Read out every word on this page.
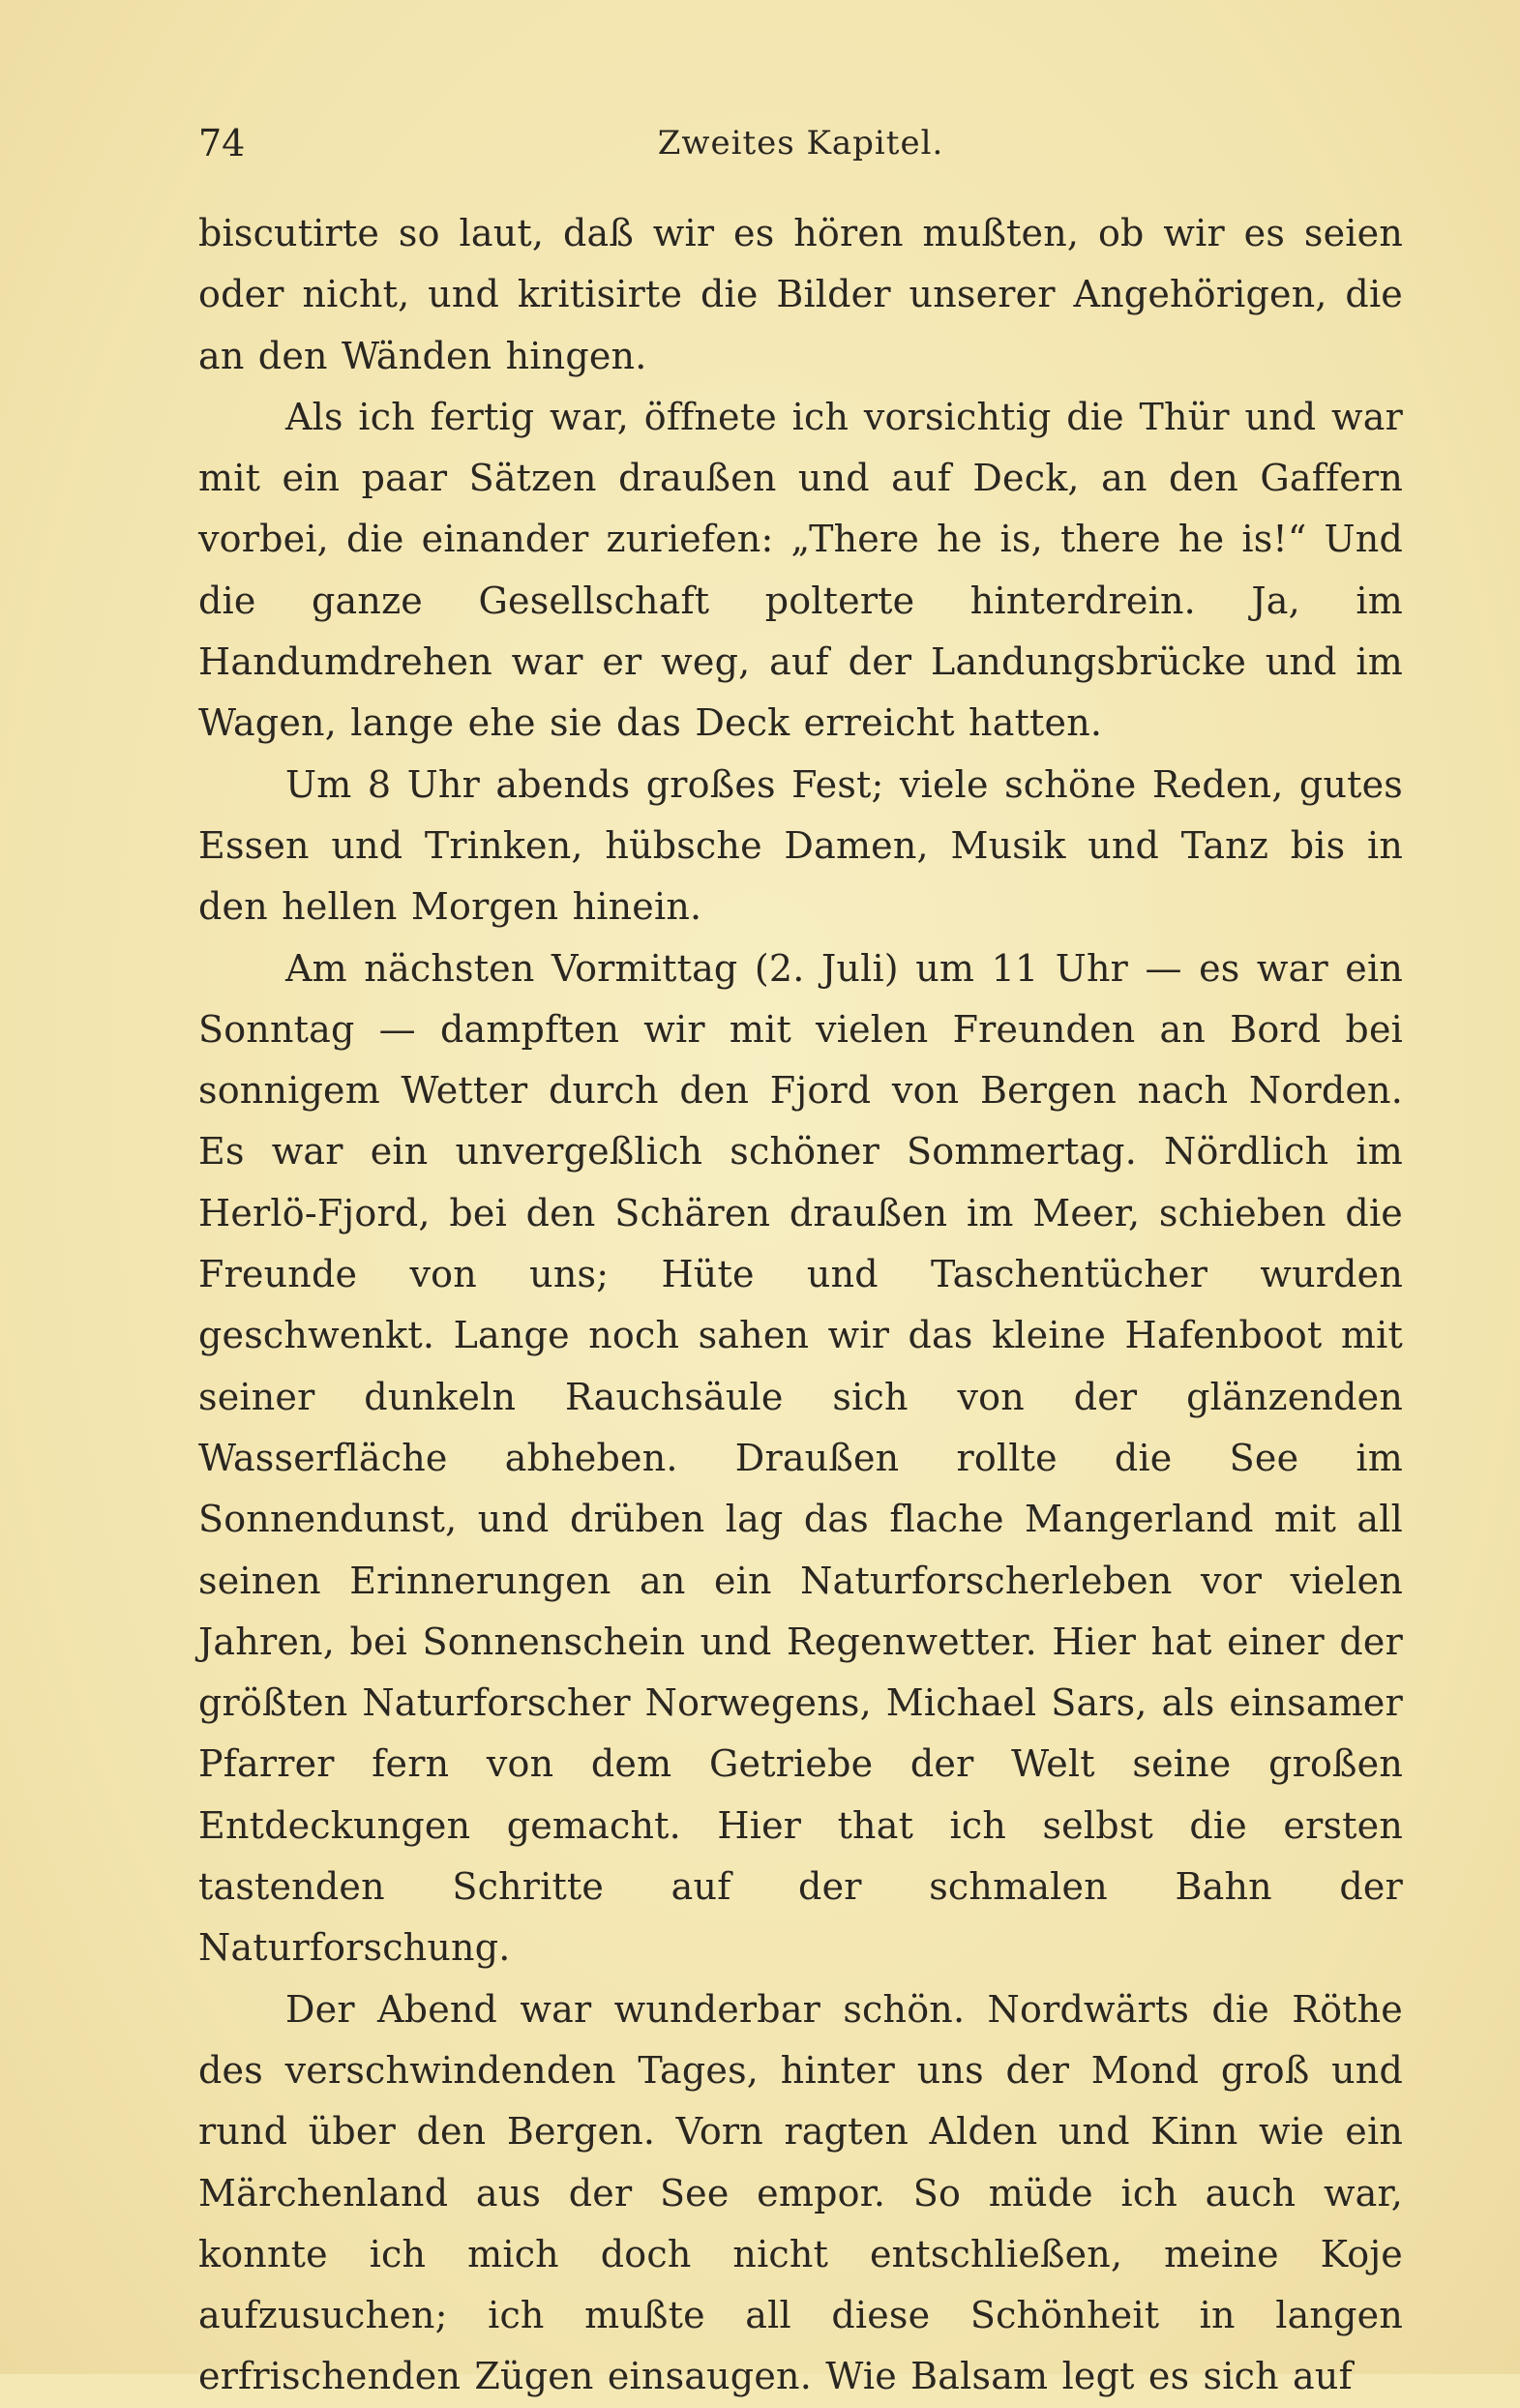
74	Zweites Kapitel.

biscutirte so laut, daß wir es hören mußten, ob wir es seien oder nicht, und kritisirte die Bilder unserer Angehörigen, die an den Wänden hingen.

Als ich fertig war, öffnete ich vorsichtig die Thür und war mit ein paar Sätzen draußen und auf Deck, an den Gaffern vorbei, die einander zuriefen: „There he is, there he is!“ Und die ganze Gesellschaft polterte hinterdrein. Ja, im Handumdrehen war er weg, auf der Landungsbrücke und im Wagen, lange ehe sie das Deck erreicht hatten.

Um 8 Uhr abends großes Fest; viele schöne Reden, gutes Essen und Trinken, hübsche Damen, Musik und Tanz bis in den hellen Morgen hinein.

Am nächsten Vormittag (2. Juli) um 11 Uhr — es war ein Sonntag — dampften wir mit vielen Freunden an Bord bei sonnigem Wetter durch den Fjord von Bergen nach Norden. Es war ein unvergeßlich schöner Sommertag. Nördlich im Herlö-Fjord, bei den Schären draußen im Meer, schieben die Freunde von uns; Hüte und Taschentücher wurden geschwenkt. Lange noch sahen wir das kleine Hafenboot mit seiner dunkeln Rauchsäule sich von der glänzenden Wasserfläche abheben. Draußen rollte die See im Sonnendunst, und drüben lag das flache Mangerland mit all seinen Erinnerungen an ein Naturforscherleben vor vielen Jahren, bei Sonnenschein und Regenwetter. Hier hat einer der größten Naturforscher Norwegens, Michael Sars, als einsamer Pfarrer fern von dem Getriebe der Welt seine großen Entdeckungen gemacht. Hier that ich selbst die ersten tastenden Schritte auf der schmalen Bahn der Naturforschung.

Der Abend war wunderbar schön. Nordwärts die Röthe des verschwindenden Tages, hinter uns der Mond groß und rund über den Bergen. Vorn ragten Alden und Kinn wie ein Märchenland aus der See empor. So müde ich auch war, konnte ich mich doch nicht entschließen, meine Koje aufzusuchen; ich mußte all diese Schönheit in langen erfrischenden Zügen einsaugen. Wie Balsam legt es sich auf
